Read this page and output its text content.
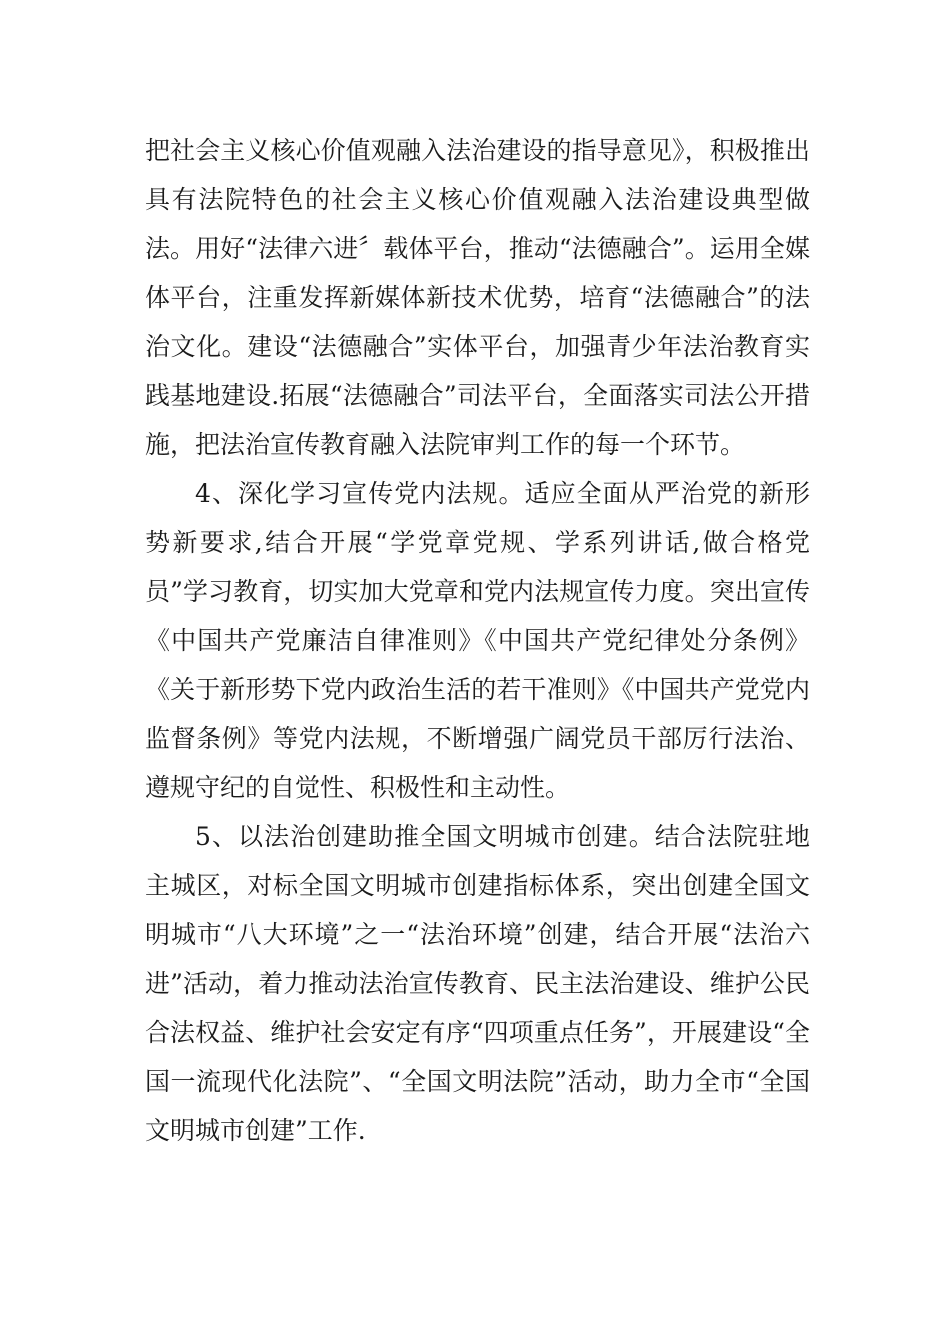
把社会主义核心价值观融入法治建设的指导意见》，积极推出具有法院特色的社会主义核心价值观融入法治建设典型做法。用好“法律六进〞载体平台，推动“法德融合”。运用全媒体平台，注重发挥新媒体新技术优势，培育“法德融合”的法治文化。建设“法德融合”实体平台，加强青少年法治教育实践基地建设.拓展“法德融合”司法平台，全面落实司法公开措施，把法治宣传教育融入法院审判工作的每一个环节。

4、深化学习宣传党内法规。适应全面从严治党的新形势新要求,结合开展“学党章党规、学系列讲话,做合格党员”学习教育，切实加大党章和党内法规宣传力度。突出宣传《中国共产党廉洁自律准则》《中国共产党纪律处分条例》《关于新形势下党内政治生活的若干准则》《中国共产党党内监督条例》等党内法规，不断增强广阔党员干部厉行法治、遵规守纪的自觉性、积极性和主动性。

5、以法治创建助推全国文明城市创建。结合法院驻地主城区，对标全国文明城市创建指标体系，突出创建全国文明城市“八大环境”之一“法治环境”创建，结合开展“法治六进”活动，着力推动法治宣传教育、民主法治建设、维护公民合法权益、维护社会安定有序“四项重点任务”，开展建设“全国一流现代化法院”、“全国文明法院”活动，助力全市“全国文明城市创建”工作.
